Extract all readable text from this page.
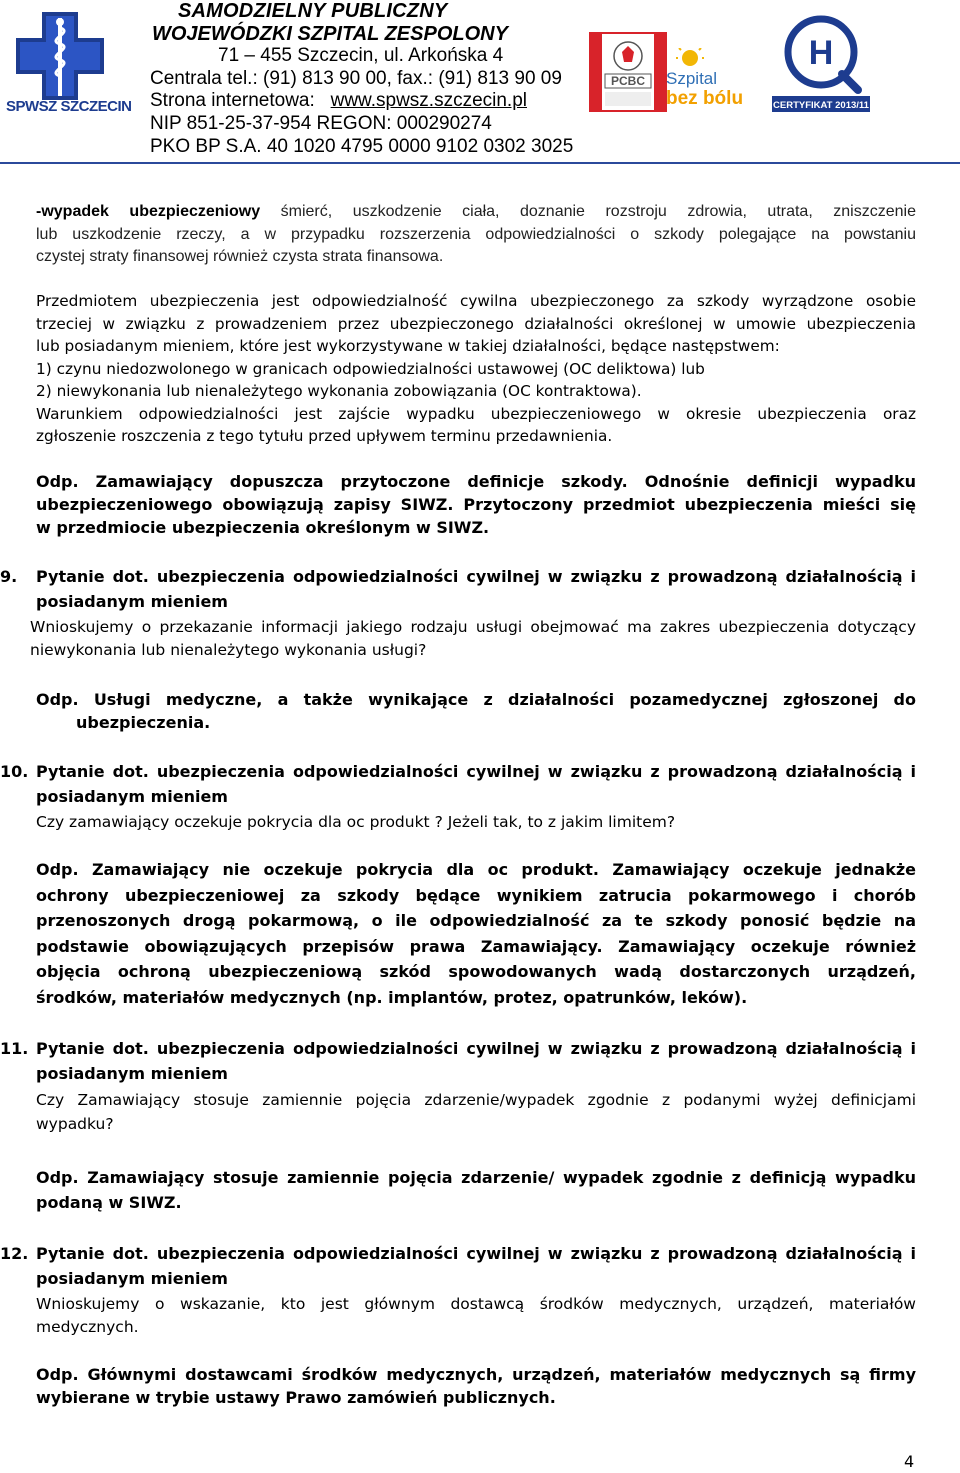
SPWSZ SZCZECIN
SAMODZIELNY PUBLICZNY
WOJEWÓDZKI SZPITAL ZESPOLONY
71 – 455 Szczecin, ul. Arkońska 4
Centrala tel.: (91) 813 90 00, fax.: (91) 813 90 09
Strona internetowa: www.spwsz.szczecin.pl
NIP 851-25-37-954 REGON: 000290274
PKO BP S.A. 40 1020 4795 0000 9102 0302 3025
PCBC Szpital
bez bólu
H
CERTYFIKAT 2013/11
-wypadek ubezpieczeniowy śmierć, uszkodzenie ciała, doznanie rozstroju zdrowia, utrata, zniszczenie
lub uszkodzenie rzeczy, a w przypadku rozszerzenia odpowiedzialności o szkody polegające na powstaniu
czystej straty finansowej również czysta strata finansowa.
Przedmiotem ubezpieczenia jest odpowiedzialność cywilna ubezpieczonego za szkody wyrządzone osobie
trzeciej w związku z prowadzeniem przez ubezpieczonego działalności określonej w umowie ubezpieczenia
lub posiadanym mieniem, które jest wykorzystywane w takiej działalności, będące następstwem:
1) czynu niedozwolonego w granicach odpowiedzialności ustawowej (OC deliktowa) lub
2) niewykonania lub nienależytego wykonania zobowiązania (OC kontraktowa).
Warunkiem odpowiedzialności jest zajście wypadku ubezpieczeniowego w okresie ubezpieczenia oraz
zgłoszenie roszczenia z tego tytułu przed upływem terminu przedawnienia.
Odp. Zamawiający dopuszcza przytoczone definicje szkody. Odnośnie definicji wypadku
ubezpieczeniowego obowiązują zapisy SIWZ. Przytoczony przedmiot ubezpieczenia mieści się
w przedmiocie ubezpieczenia określonym w SIWZ.
9. Pytanie dot. ubezpieczenia odpowiedzialności cywilnej w związku z prowadzoną działalnością i
posiadanym mieniem
Wnioskujemy o przekazanie informacji jakiego rodzaju usługi obejmować ma zakres ubezpieczenia dotyczący
niewykonania lub nienależytego wykonania usługi?
Odp. Usługi medyczne, a także wynikające z działalności pozamedycznej zgłoszonej do
ubezpieczenia.
10. Pytanie dot. ubezpieczenia odpowiedzialności cywilnej w związku z prowadzoną działalnością i
posiadanym mieniem
Czy zamawiający oczekuje pokrycia dla oc produkt ? Jeżeli tak, to z jakim limitem?
Odp. Zamawiający nie oczekuje pokrycia dla oc produkt. Zamawiający oczekuje jednakże
ochrony ubezpieczeniowej za szkody będące wynikiem zatrucia pokarmowego i chorób
przenoszonych drogą pokarmową, o ile odpowiedzialność za te szkody ponosić będzie na
podstawie obowiązujących przepisów prawa Zamawiający. Zamawiający oczekuje również
objęcia ochroną ubezpieczeniową szkód spowodowanych wadą dostarczonych urządzeń,
środków, materiałów medycznych (np. implantów, protez, opatrunków, leków).
11. Pytanie dot. ubezpieczenia odpowiedzialności cywilnej w związku z prowadzoną działalnością i
posiadanym mieniem
Czy Zamawiający stosuje zamiennie pojęcia zdarzenie/wypadek zgodnie z podanymi wyżej definicjami
wypadku?
Odp. Zamawiający stosuje zamiennie pojęcia zdarzenie/ wypadek zgodnie z definicją wypadku
podaną w SIWZ.
12. Pytanie dot. ubezpieczenia odpowiedzialności cywilnej w związku z prowadzoną działalnością i
posiadanym mieniem
Wnioskujemy o wskazanie, kto jest głównym dostawcą środków medycznych, urządzeń, materiałów
medycznych.
Odp. Głównymi dostawcami środków medycznych, urządzeń, materiałów medycznych są firmy
wybierane w trybie ustawy Prawo zamówień publicznych.
4
